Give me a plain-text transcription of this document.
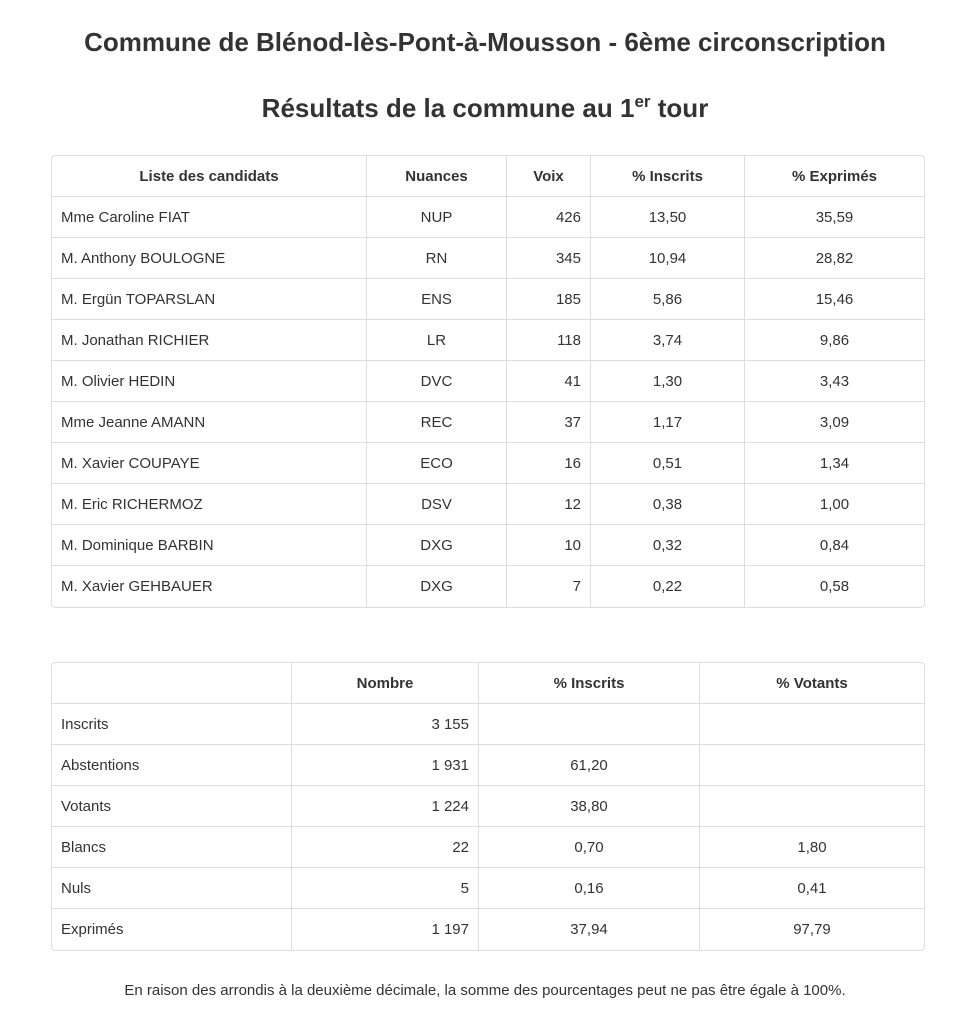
Commune de Blénod-lès-Pont-à-Mousson - 6ème circonscription
Résultats de la commune au 1er tour
Liste des candidats	Nuances	Voix	% Inscrits	% Exprimés
Mme Caroline FIAT	NUP	426	13,50	35,59
M. Anthony BOULOGNE	RN	345	10,94	28,82
M. Ergün TOPARSLAN	ENS	185	5,86	15,46
M. Jonathan RICHIER	LR	118	3,74	9,86
M. Olivier HEDIN	DVC	41	1,30	3,43
Mme Jeanne AMANN	REC	37	1,17	3,09
M. Xavier COUPAYE	ECO	16	0,51	1,34
M. Eric RICHERMOZ	DSV	12	0,38	1,00
M. Dominique BARBIN	DXG	10	0,32	0,84
M. Xavier GEHBAUER	DXG	7	0,22	0,58
	Nombre	% Inscrits	% Votants
Inscrits	3 155		
Abstentions	1 931	61,20	
Votants	1 224	38,80	
Blancs	22	0,70	1,80
Nuls	5	0,16	0,41
Exprimés	1 197	37,94	97,79

En raison des arrondis à la deuxième décimale, la somme des pourcentages peut ne pas être égale à 100%.
